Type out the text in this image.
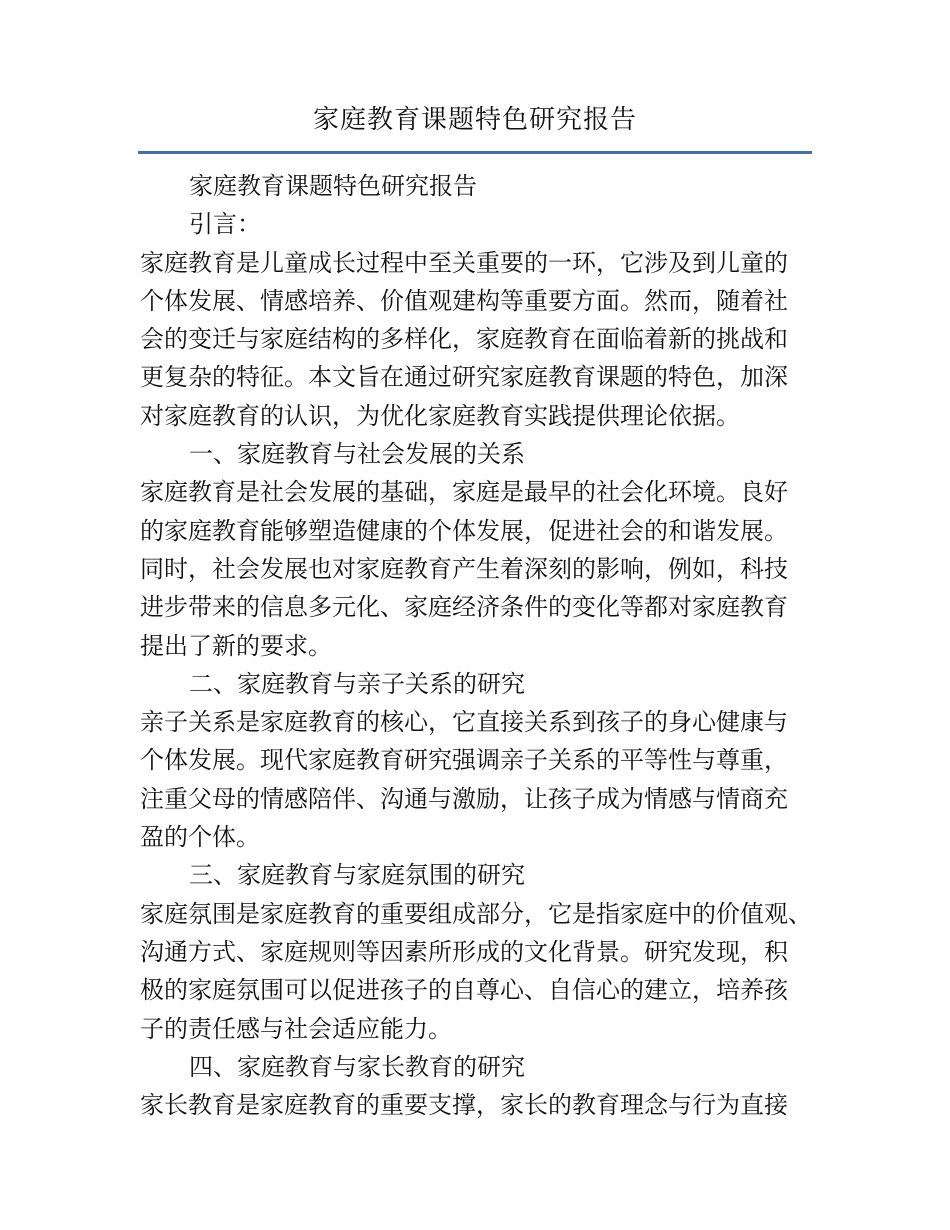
家庭教育课题特色研究报告
家庭教育课题特色研究报告
引言：
家庭教育是儿童成长过程中至关重要的一环，它涉及到儿童的
个体发展、情感培养、价值观建构等重要方面。然而，随着社
会的变迁与家庭结构的多样化，家庭教育在面临着新的挑战和
更复杂的特征。本文旨在通过研究家庭教育课题的特色，加深
对家庭教育的认识，为优化家庭教育实践提供理论依据。
一、家庭教育与社会发展的关系
家庭教育是社会发展的基础，家庭是最早的社会化环境。良好
的家庭教育能够塑造健康的个体发展，促进社会的和谐发展。
同时，社会发展也对家庭教育产生着深刻的影响，例如，科技
进步带来的信息多元化、家庭经济条件的变化等都对家庭教育
提出了新的要求。
二、家庭教育与亲子关系的研究
亲子关系是家庭教育的核心，它直接关系到孩子的身心健康与
个体发展。现代家庭教育研究强调亲子关系的平等性与尊重，
注重父母的情感陪伴、沟通与激励，让孩子成为情感与情商充
盈的个体。
三、家庭教育与家庭氛围的研究
家庭氛围是家庭教育的重要组成部分，它是指家庭中的价值观、
沟通方式、家庭规则等因素所形成的文化背景。研究发现，积
极的家庭氛围可以促进孩子的自尊心、自信心的建立，培养孩
子的责任感与社会适应能力。
四、家庭教育与家长教育的研究
家长教育是家庭教育的重要支撑，家长的教育理念与行为直接
